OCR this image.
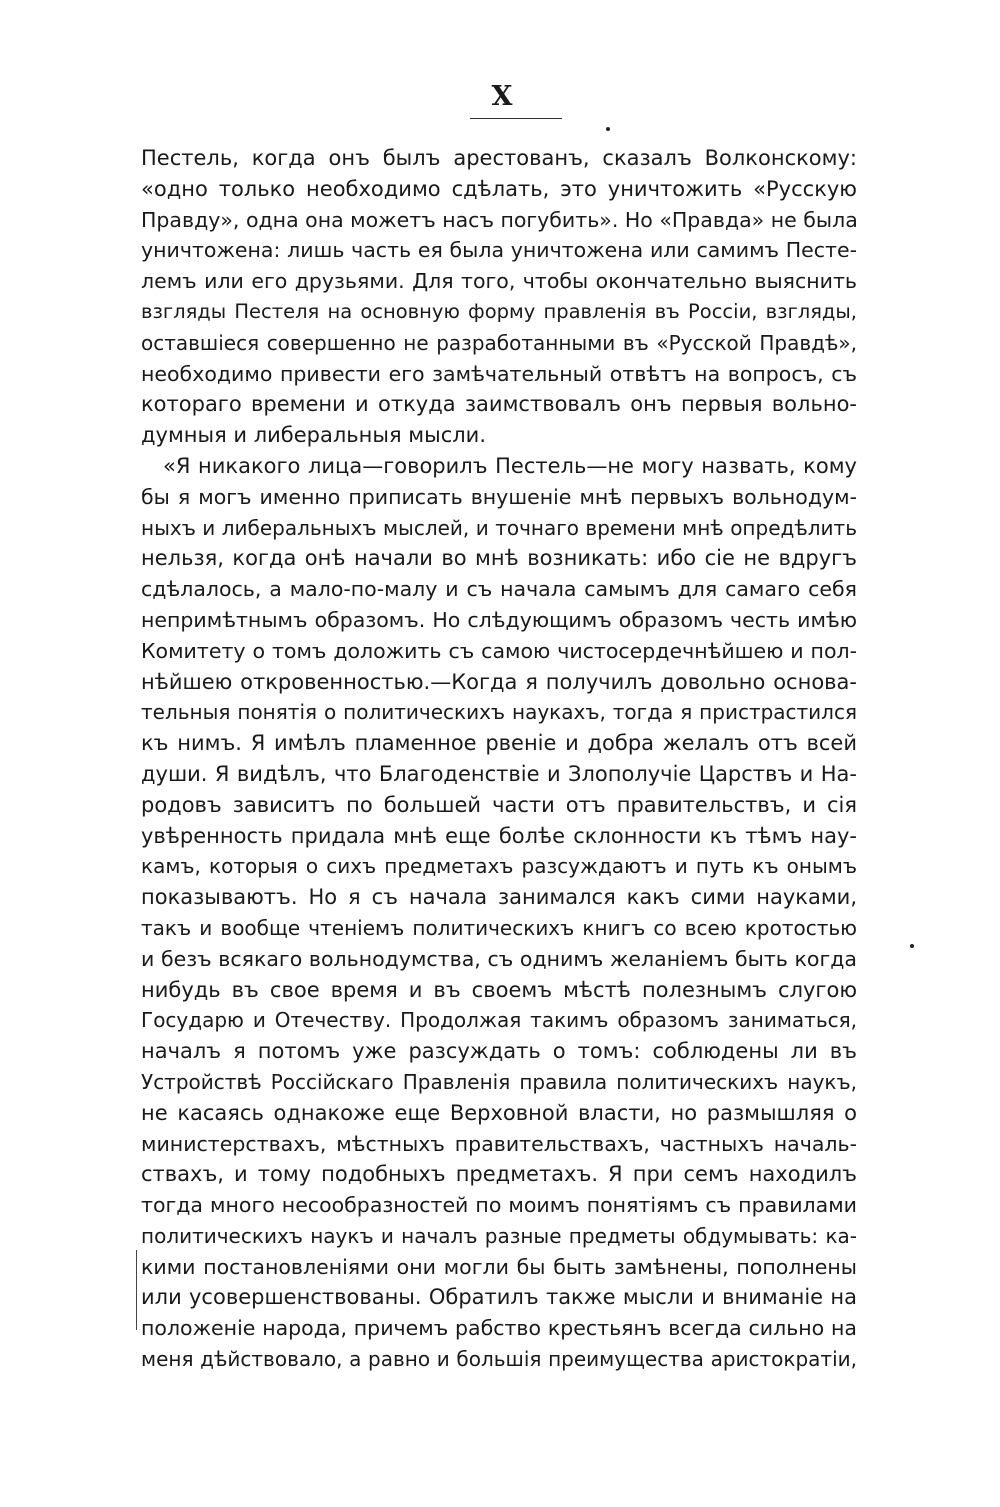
X
Пестель, когда онъ былъ арестованъ, сказалъ Волконскому:
«одно только необходимо сдѣлать, это уничтожить «Русскую
Правду», одна она можетъ насъ погубить». Но «Правда» не была
уничтожена: лишь часть ея была уничтожена или самимъ Песте-
лемъ или его друзьями. Для того, чтобы окончательно выяснить
взгляды Пестеля на основную форму правленія въ Россіи, взгляды,
оставшіеся совершенно не разработанными въ «Русской Правдѣ»,
необходимо привести его замѣчательный отвѣтъ на вопросъ, съ
котораго времени и откуда заимствовалъ онъ первыя вольно-
думныя и либеральныя мысли.
«Я никакого лица—говорилъ Пестель—не могу назвать, кому
бы я могъ именно приписать внушеніе мнѣ первыхъ вольнодум-
ныхъ и либеральныхъ мыслей, и точнаго времени мнѣ опредѣлить
нельзя, когда онѣ начали во мнѣ возникать: ибо сіе не вдругъ
сдѣлалось, а мало-по-малу и съ начала самымъ для самаго себя
непримѣтнымъ образомъ. Но слѣдующимъ образомъ честь имѣю
Комитету о томъ доложить съ самою чистосердечнѣйшею и пол-
нѣйшею откровенностью.—Когда я получилъ довольно основа-
тельныя понятія о политическихъ наукахъ, тогда я пристрастился
къ нимъ. Я имѣлъ пламенное рвеніе и добра желалъ отъ всей
души. Я видѣлъ, что Благоденствіе и Злополучіе Царствъ и На-
родовъ зависитъ по большей части отъ правительствъ, и сія
увѣренность придала мнѣ еще болѣе склонности къ тѣмъ нау-
камъ, которыя о сихъ предметахъ разсуждаютъ и путь къ онымъ
показываютъ. Но я съ начала занимался какъ сими науками,
такъ и вообще чтеніемъ политическихъ книгъ со всею кротостью
и безъ всякаго вольнодумства, съ однимъ желаніемъ быть когда
нибудь въ свое время и въ своемъ мѣстѣ полезнымъ слугою
Государю и Отечеству. Продолжая такимъ образомъ заниматься,
началъ я потомъ уже разсуждать о томъ: соблюдены ли въ
Устройствѣ Россійскаго Правленія правила политическихъ наукъ,
не касаясь однакоже еще Верховной власти, но размышляя о
министерствахъ, мѣстныхъ правительствахъ, частныхъ началь-
ствахъ, и тому подобныхъ предметахъ. Я при семъ находилъ
тогда много несообразностей по моимъ понятіямъ съ правилами
политическихъ наукъ и началъ разные предметы обдумывать: ка-
кими постановленіями они могли бы быть замѣнены, пополнены
или усовершенствованы. Обратилъ также мысли и вниманіе на
положеніе народа, причемъ рабство крестьянъ всегда сильно на
меня дѣйствовало, а равно и большія преимущества аристократіи,
